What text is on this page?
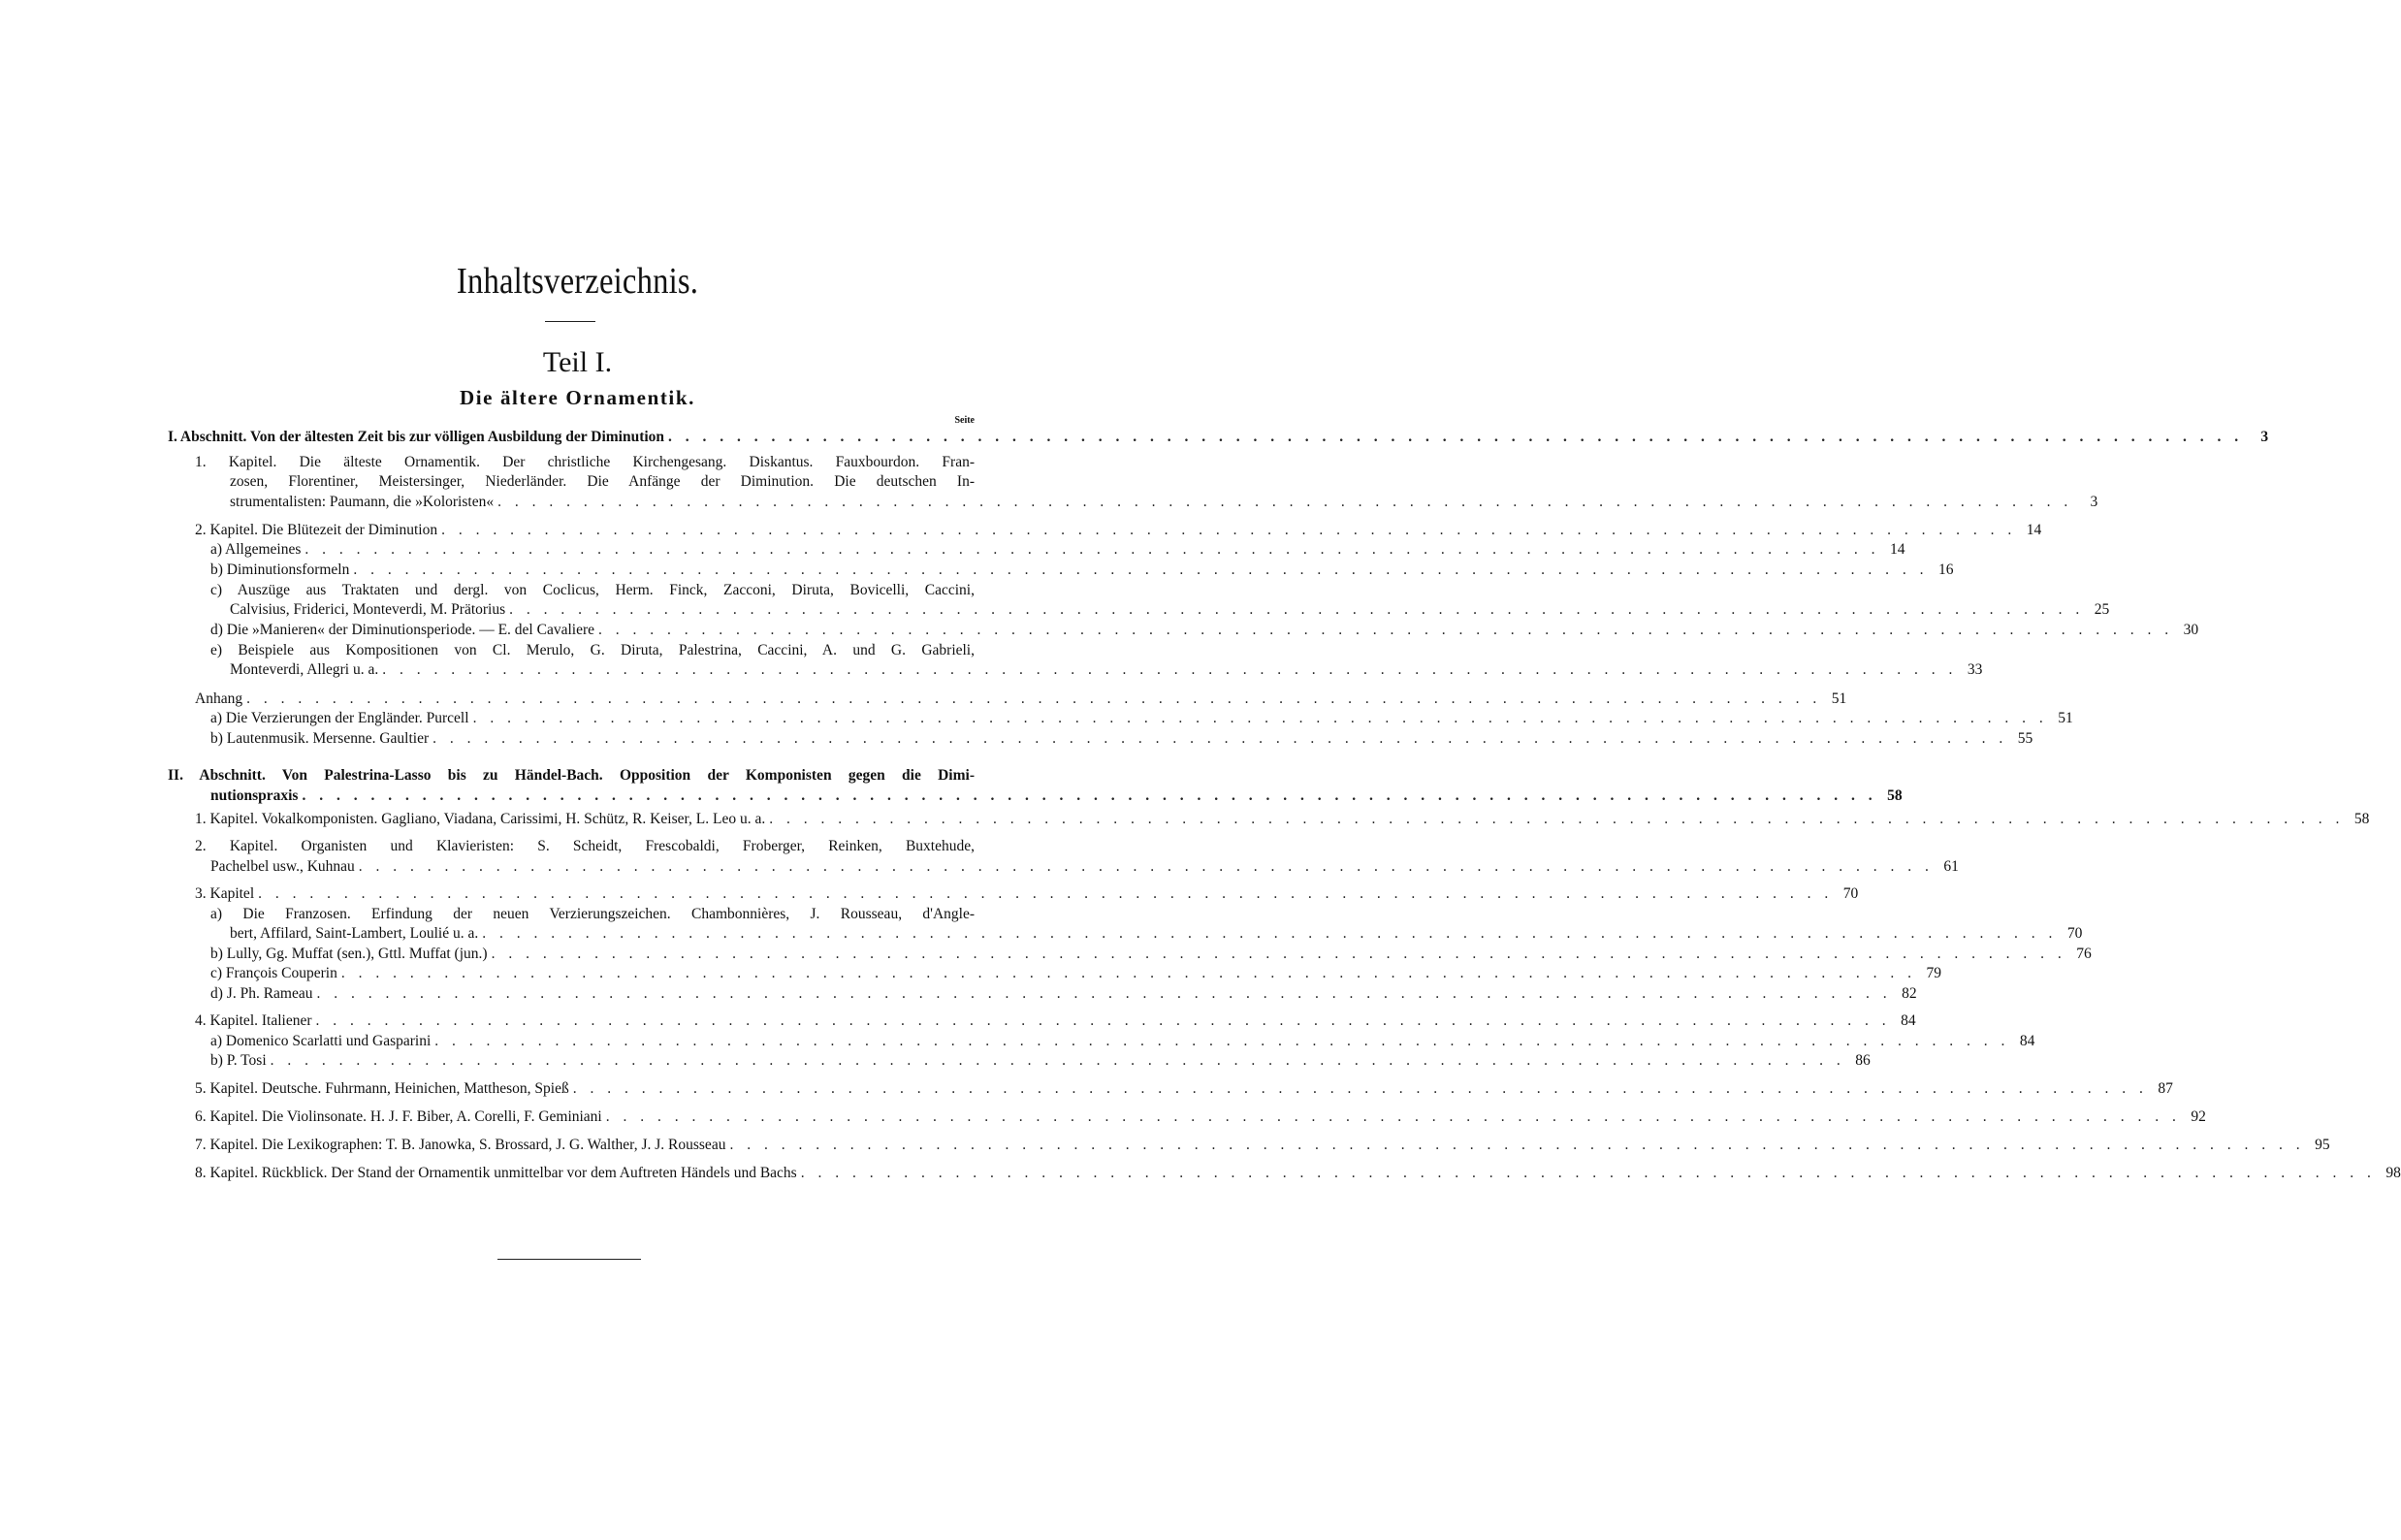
Inhaltsverzeichnis.
Teil I.
Die ältere Ornamentik.
Seite
I. Abschnitt. Von der ältesten Zeit bis zur völligen Ausbildung der Diminution . . .	3
1. Kapitel. Die älteste Ornamentik. Der christliche Kirchengesang. Diskantus. Fauxbourdon. Fran-
zosen, Florentiner, Meistersinger, Niederländer. Die Anfänge der Diminution. Die deutschen In-
strumentalisten: Paumann, die »Koloristen« . . .	3
2. Kapitel. Die Blütezeit der Diminution . . .	14
a) Allgemeines . . .	14
b) Diminutionsformeln . . .	16
c) Auszüge aus Traktaten und dergl. von Coclicus, Herm. Finck, Zacconi, Diruta, Bovicelli, Caccini,
Calvisius, Friderici, Monteverdi, M. Prätorius . . .	25
d) Die »Manieren« der Diminutionsperiode. — E. del Cavaliere . . .	30
e) Beispiele aus Kompositionen von Cl. Merulo, G. Diruta, Palestrina, Caccini, A. und G. Gabrieli,
Monteverdi, Allegri u. a. . . .	33
Anhang . . .	51
a) Die Verzierungen der Engländer. Purcell . . .	51
b) Lautenmusik. Mersenne. Gaultier . . .	55
II. Abschnitt. Von Palestrina-Lasso bis zu Händel-Bach. Opposition der Komponisten gegen die Dimi-
nutionspraxis . . .	58
1. Kapitel. Vokalkomponisten. Gagliano, Viadana, Carissimi, H. Schütz, R. Keiser, L. Leo u. a. . . .	58
2. Kapitel. Organisten und Klavieristen: S. Scheidt, Frescobaldi, Froberger, Reinken, Buxtehude,
Pachelbel usw., Kuhnau . . .	61
3. Kapitel . . .	70
a) Die Franzosen. Erfindung der neuen Verzierungszeichen. Chambonnières, J. Rousseau, d'Angle-
bert, Affilard, Saint-Lambert, Loulié u. a. . . .	70
b) Lully, Gg. Muffat (sen.), Gttl. Muffat (jun.) . . .	76
c) François Couperin . . .	79
d) J. Ph. Rameau . . .	82
4. Kapitel. Italiener . . .	84
a) Domenico Scarlatti und Gasparini . . .	84
b) P. Tosi . . .	86
5. Kapitel. Deutsche. Fuhrmann, Heinichen, Mattheson, Spieß . . .	87
6. Kapitel. Die Violinsonate. H. J. F. Biber, A. Corelli, F. Geminiani . . .	92
7. Kapitel. Die Lexikographen: T. B. Janowka, S. Brossard, J. G. Walther, J. J. Rousseau . . .	95
8. Kapitel. Rückblick. Der Stand der Ornamentik unmittelbar vor dem Auftreten Händels und Bachs . . .	98
